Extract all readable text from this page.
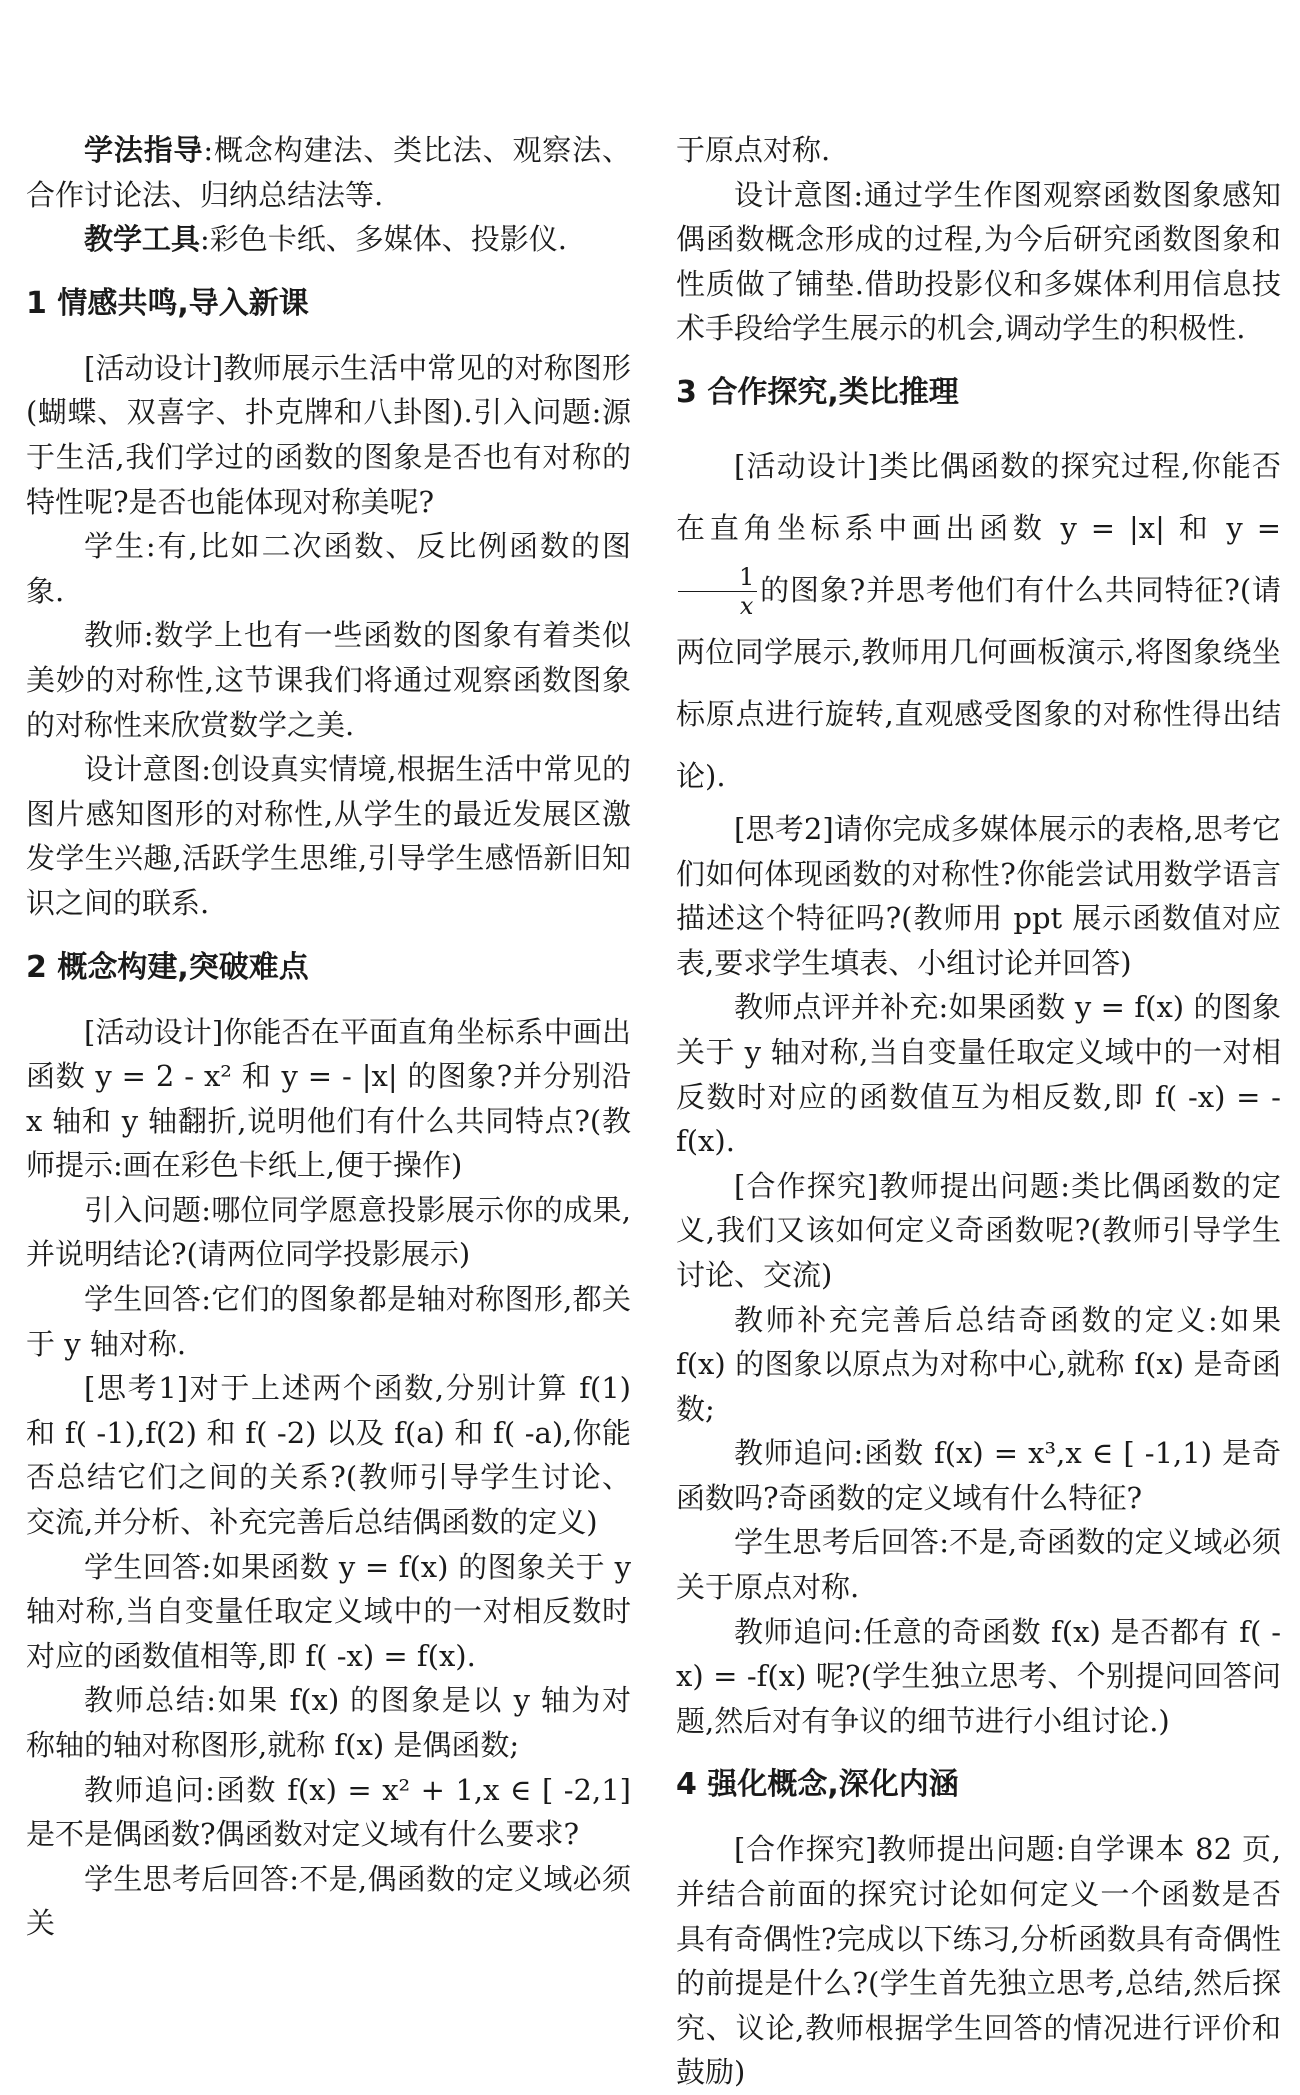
学法指导:概念构建法、类比法、观察法、合作讨论法、归纳总结法等.

教学工具:彩色卡纸、多媒体、投影仪.

1 情感共鸣,导入新课

[活动设计]教师展示生活中常见的对称图形(蝴蝶、双喜字、扑克牌和八卦图).引入问题:源于生活,我们学过的函数的图象是否也有对称的特性呢?是否也能体现对称美呢?

学生:有,比如二次函数、反比例函数的图象.

教师:数学上也有一些函数的图象有着类似美妙的对称性,这节课我们将通过观察函数图象的对称性来欣赏数学之美.

设计意图:创设真实情境,根据生活中常见的图片感知图形的对称性,从学生的最近发展区激发学生兴趣,活跃学生思维,引导学生感悟新旧知识之间的联系.

2 概念构建,突破难点

[活动设计]你能否在平面直角坐标系中画出函数 y = 2 - x² 和 y = - |x| 的图象?并分别沿 x 轴和 y 轴翻折,说明他们有什么共同特点?(教师提示:画在彩色卡纸上,便于操作)

引入问题:哪位同学愿意投影展示你的成果,并说明结论?(请两位同学投影展示)

学生回答:它们的图象都是轴对称图形,都关于 y 轴对称.

[思考1]对于上述两个函数,分别计算 f(1) 和 f( -1),f(2) 和 f( -2) 以及 f(a) 和 f( -a),你能否总结它们之间的关系?(教师引导学生讨论、交流,并分析、补充完善后总结偶函数的定义)

学生回答:如果函数 y = f(x) 的图象关于 y 轴对称,当自变量任取定义域中的一对相反数时对应的函数值相等,即 f( -x) = f(x).

教师总结:如果 f(x) 的图象是以 y 轴为对称轴的轴对称图形,就称 f(x) 是偶函数;

教师追问:函数 f(x) = x² + 1,x ∈ [ -2,1] 是不是偶函数?偶函数对定义域有什么要求?

学生思考后回答:不是,偶函数的定义域必须关

于原点对称.

设计意图:通过学生作图观察函数图象感知偶函数概念形成的过程,为今后研究函数图象和性质做了铺垫.借助投影仪和多媒体利用信息技术手段给学生展示的机会,调动学生的积极性.

3 合作探究,类比推理

[活动设计]类比偶函数的探究过程,你能否在直角坐标系中画出函数 y = |x| 和 y =
$\frac{1}{x}$ 的图象?并思考他们有什么共同特征?(请两位同学展示,教师用几何画板演示,将图象绕坐标原点进行旋转,直观感受图象的对称性得出结论).

[思考2]请你完成多媒体展示的表格,思考它们如何体现函数的对称性?你能尝试用数学语言描述这个特征吗?(教师用 ppt 展示函数值对应表,要求学生填表、小组讨论并回答)

教师点评并补充:如果函数 y = f(x) 的图象关于 y 轴对称,当自变量任取定义域中的一对相反数时对应的函数值互为相反数,即 f( -x) = -f(x).

[合作探究]教师提出问题:类比偶函数的定义,我们又该如何定义奇函数呢?(教师引导学生讨论、交流)

教师补充完善后总结奇函数的定义:如果 f(x) 的图象以原点为对称中心,就称 f(x) 是奇函数;

教师追问:函数 f(x) = x³,x ∈ [ -1,1) 是奇函数吗?奇函数的定义域有什么特征?

学生思考后回答:不是,奇函数的定义域必须关于原点对称.

教师追问:任意的奇函数 f(x) 是否都有 f( -x) = -f(x) 呢?(学生独立思考、个别提问回答问题,然后对有争议的细节进行小组讨论.)

4 强化概念,深化内涵

[合作探究]教师提出问题:自学课本 82 页,并结合前面的探究讨论如何定义一个函数是否具有奇偶性?完成以下练习,分析函数具有奇偶性的前提是什么?(学生首先独立思考,总结,然后探究、议论,教师根据学生回答的情况进行评价和鼓励)
